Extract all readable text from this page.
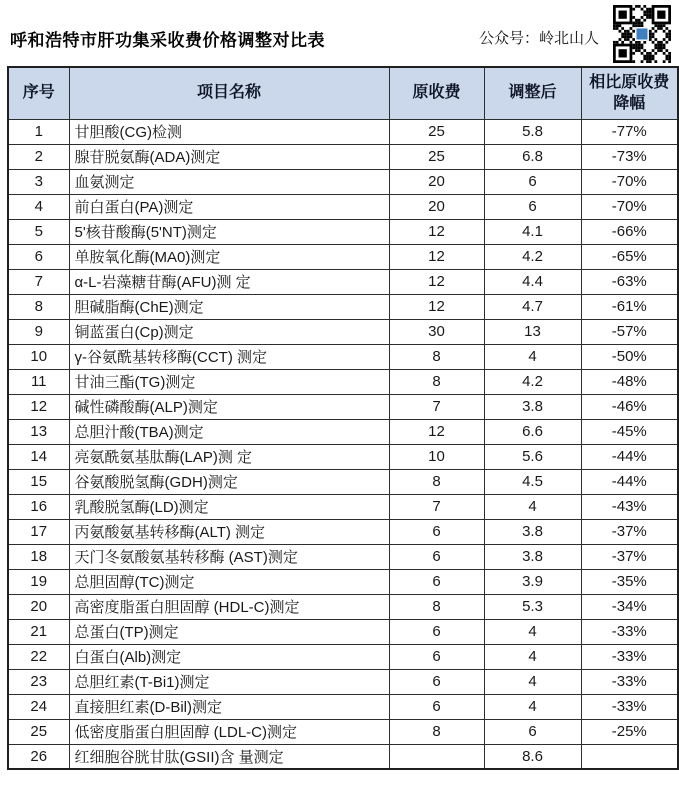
呼和浩特市肝功集采收费价格调整对比表	公众号：岭北山人
序号	项目名称	原收费	调整后	相比原收费降幅
1	甘胆酸(CG)检测	25	5.8	-77%
2	腺苷脱氨酶(ADA)测定	25	6.8	-73%
3	血氨测定	20	6	-70%
4	前白蛋白(PA)测定	20	6	-70%
5	5'核苷酸酶(5'NT)测定	12	4.1	-66%
6	单胺氧化酶(MA0)测定	12	4.2	-65%
7	α-L-岩藻糖苷酶(AFU)测 定	12	4.4	-63%
8	胆碱脂酶(ChE)测定	12	4.7	-61%
9	铜蓝蛋白(Cp)测定	30	13	-57%
10	γ-谷氨酰基转移酶(CCT) 测定	8	4	-50%
11	甘油三酯(TG)测定	8	4.2	-48%
12	碱性磷酸酶(ALP)测定	7	3.8	-46%
13	总胆汁酸(TBA)测定	12	6.6	-45%
14	亮氨酰氨基肽酶(LAP)测 定	10	5.6	-44%
15	谷氨酸脱氢酶(GDH)测定	8	4.5	-44%
16	乳酸脱氢酶(LD)测定	7	4	-43%
17	丙氨酸氨基转移酶(ALT) 测定	6	3.8	-37%
18	天门冬氨酸氨基转移酶 (AST)测定	6	3.8	-37%
19	总胆固醇(TC)测定	6	3.9	-35%
20	高密度脂蛋白胆固醇 (HDL-C)测定	8	5.3	-34%
21	总蛋白(TP)测定	6	4	-33%
22	白蛋白(Alb)测定	6	4	-33%
23	总胆红素(T-Bi1)测定	6	4	-33%
24	直接胆红素(D-Bil)测定	6	4	-33%
25	低密度脂蛋白胆固醇 (LDL-C)测定	8	6	-25%
26	红细胞谷胱甘肽(GSII)含 量测定		8.6	
